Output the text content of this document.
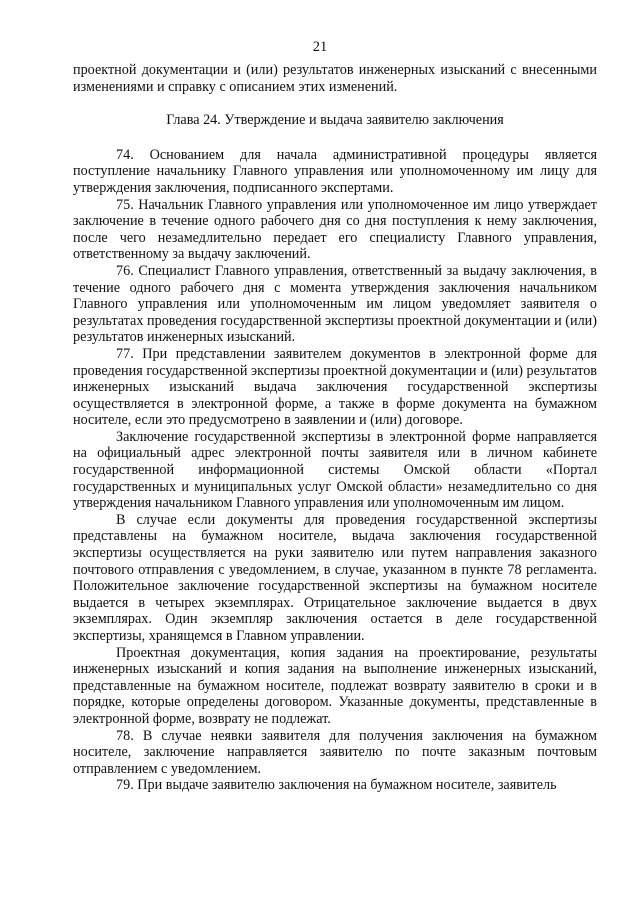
21

проектной документации и (или) результатов инженерных изысканий с внесенными изменениями и справку с описанием этих изменений.

Глава 24. Утверждение и выдача заявителю заключения

74. Основанием для начала административной процедуры является поступление начальнику Главного управления или уполномоченному им лицу для утверждения заключения, подписанного экспертами.

75. Начальник Главного управления или уполномоченное им лицо утверждает заключение в течение одного рабочего дня со дня поступления к нему заключения, после чего незамедлительно передает его специалисту Главного управления, ответственному за выдачу заключений.

76. Специалист Главного управления, ответственный за выдачу заключения, в течение одного рабочего дня с момента утверждения заключения начальником Главного управления или уполномоченным им лицом уведомляет заявителя о результатах проведения государственной экспертизы проектной документации и (или) результатов инженерных изысканий.

77. При представлении заявителем документов в электронной форме для проведения государственной экспертизы проектной документации и (или) результатов инженерных изысканий выдача заключения государственной экспертизы осуществляется в электронной форме, а также в форме документа на бумажном носителе, если это предусмотрено в заявлении и (или) договоре.

Заключение государственной экспертизы в электронной форме направляется на официальный адрес электронной почты заявителя или в личном кабинете государственной информационной системы Омской области «Портал государственных и муниципальных услуг Омской области» незамедлительно со дня утверждения начальником Главного управления или уполномоченным им лицом.

В случае если документы для проведения государственной экспертизы представлены на бумажном носителе, выдача заключения государственной экспертизы осуществляется на руки заявителю или путем направления заказного почтового отправления с уведомлением, в случае, указанном в пункте 78 регламента. Положительное заключение государственной экспертизы на бумажном носителе выдается в четырех экземплярах. Отрицательное заключение выдается в двух экземплярах. Один экземпляр заключения остается в деле государственной экспертизы, хранящемся в Главном управлении.

Проектная документация, копия задания на проектирование, результаты инженерных изысканий и копия задания на выполнение инженерных изысканий, представленные на бумажном носителе, подлежат возврату заявителю в сроки и в порядке, которые определены договором. Указанные документы, представленные в электронной форме, возврату не подлежат.

78. В случае неявки заявителя для получения заключения на бумажном носителе, заключение направляется заявителю по почте заказным почтовым отправлением с уведомлением.

79. При выдаче заявителю заключения на бумажном носителе, заявитель
